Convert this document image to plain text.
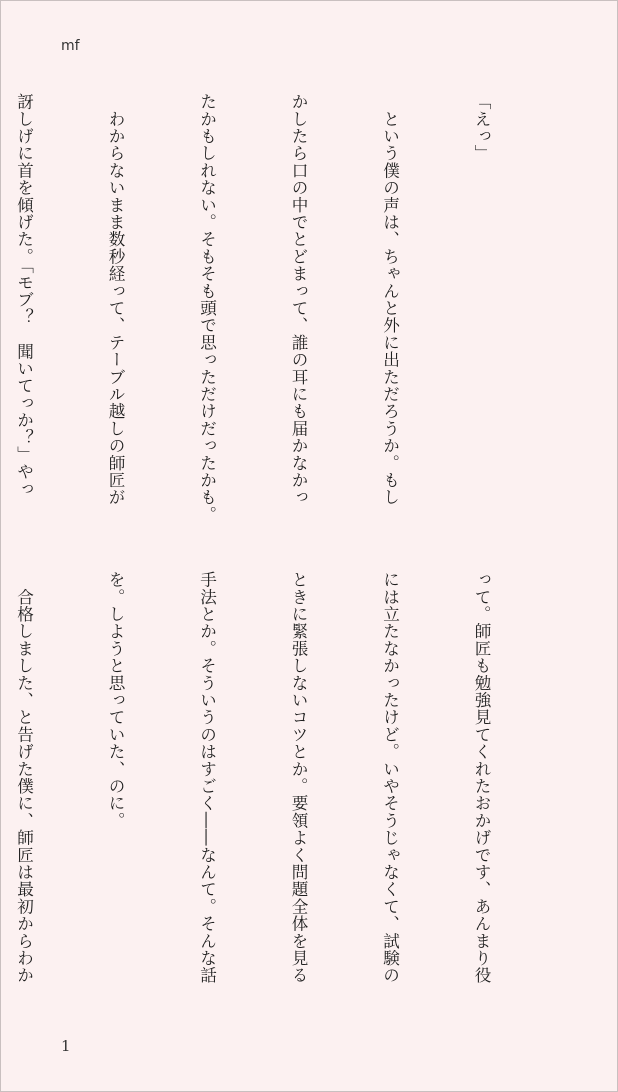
mf

「えっ」

　という僕の声は、ちゃんと外に出ただろうか。もし

かしたら口の中でとどまって、誰の耳にも届かなかっ

たかもしれない。そもそも頭で思っただけだったかも。

　わからないまま数秒経って、テーブル越しの師匠が

訝しげに首を傾げた。「モブ？　聞いてっか？」やっ

って。師匠も勉強見てくれたおかげです、あんまり役

には立たなかったけど。いやそうじゃなくて、試験の

ときに緊張しないコツとか。要領よく問題全体を見る

手法とか。そういうのはすごく――なんて。そんな話

を。しようと思っていた、のに。

　合格しました、と告げた僕に、師匠は最初からわか

1
